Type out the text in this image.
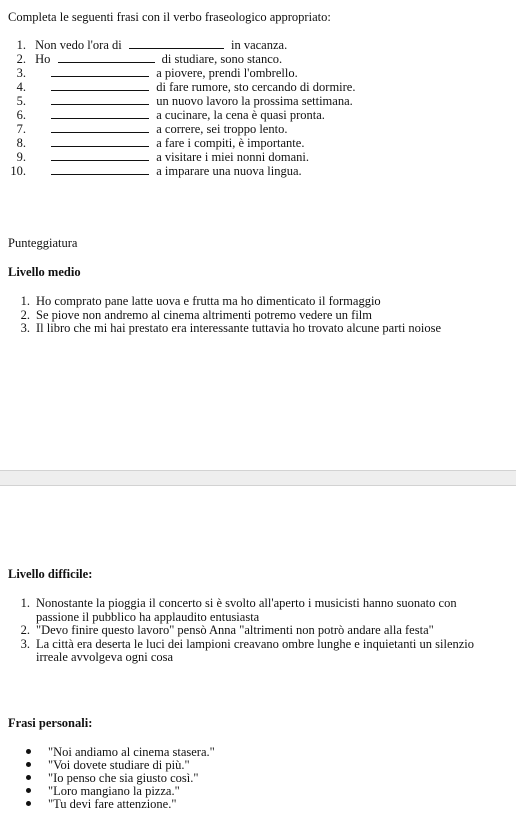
Completa le seguenti frasi con il verbo fraseologico appropriato:
1. Non vedo l'ora di	in vacanza.
2. Ho	di studiare, sono stanco.
3.	a piovere, prendi l'ombrello.
4.	di fare rumore, sto cercando di dormire.
5.	un nuovo lavoro la prossima settimana.
6.	a cucinare, la cena è quasi pronta.
7.	a correre, sei troppo lento.
8.	a fare i compiti, è importante.
9.	a visitare i miei nonni domani.
10.	a imparare una nuova lingua.
Punteggiatura
Livello medio
1. Ho comprato pane latte uova e frutta ma ho dimenticato il formaggio
2. Se piove non andremo al cinema altrimenti potremo vedere un film
3. Il libro che mi hai prestato era interessante tuttavia ho trovato alcune parti noiose
Livello difficile:
1. Nonostante la pioggia il concerto si è svolto all'aperto i musicisti hanno suonato con
passione il pubblico ha applaudito entusiasta
2. "Devo finire questo lavoro" pensò Anna "altrimenti non potrò andare alla festa"
3. La città era deserta le luci dei lampioni creavano ombre lunghe e inquietanti un silenzio
irreale avvolgeva ogni cosa
Frasi personali:
"Noi andiamo al cinema stasera."
"Voi dovete studiare di più."
"Io penso che sia giusto così."
"Loro mangiano la pizza."
"Tu devi fare attenzione."
